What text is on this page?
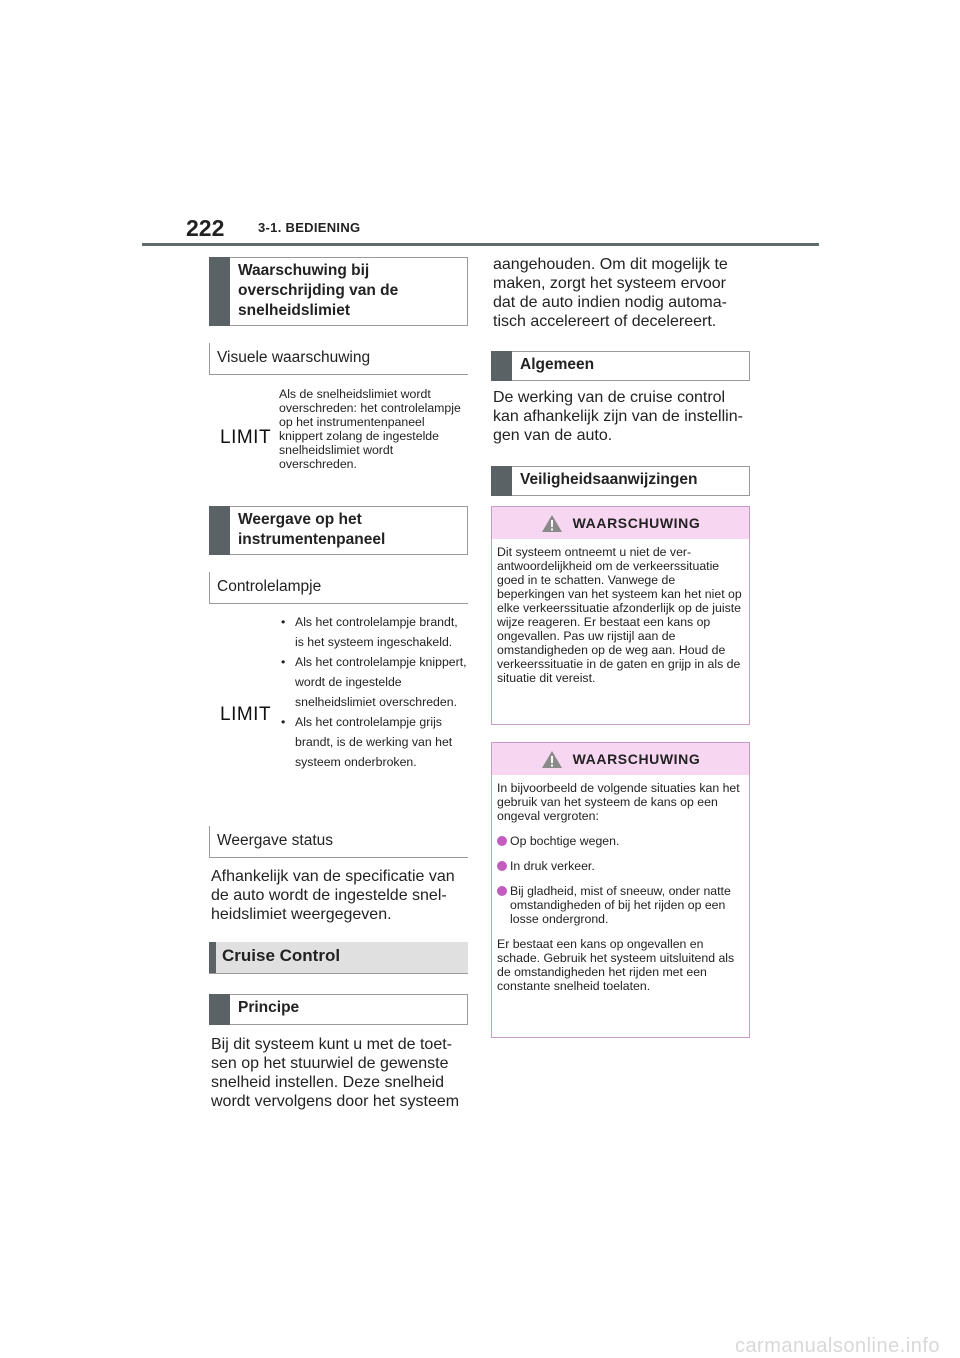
222	3-1. BEDIENING
Waarschuwing bij overschrijding van de snelheidslimiet
Visuele waarschuwing
LIMIT
Als de snelheidslimiet wordt overschreden: het controlelampje op het instrumentenpaneel knippert zolang de ingestelde snelheidslimiet wordt overschreden.
Weergave op het instrumentenpaneel
Controlelampje
LIMIT
• Als het controlelampje brandt, is het systeem ingeschakeld.
• Als het controlelampje knippert, wordt de ingestelde snelheidslimiet overschreden.
• Als het controlelampje grijs brandt, is de werking van het systeem onderbroken.
Weergave status
Afhankelijk van de specificatie van de auto wordt de ingestelde snelheidslimiet weergegeven.
Cruise Control
Principe
Bij dit systeem kunt u met de toetsen op het stuurwiel de gewenste snelheid instellen. Deze snelheid wordt vervolgens door het systeem
aangehouden. Om dit mogelijk te maken, zorgt het systeem ervoor dat de auto indien nodig automatisch accelereert of decelereert.
Algemeen
De werking van de cruise control kan afhankelijk zijn van de instellingen van de auto.
Veiligheidsaanwijzingen
WAARSCHUWING
Dit systeem ontneemt u niet de verantwoordelijkheid om de verkeerssituatie goed in te schatten. Vanwege de beperkingen van het systeem kan het niet op elke verkeerssituatie afzonderlijk op de juiste wijze reageren. Er bestaat een kans op ongevallen. Pas uw rijstijl aan de omstandigheden op de weg aan. Houd de verkeerssituatie in de gaten en grijp in als de situatie dit vereist.
WAARSCHUWING

In bijvoorbeeld de volgende situaties kan het gebruik van het systeem de kans op een ongeval vergroten:

Op bochtige wegen.
In druk verkeer.
Bij gladheid, mist of sneeuw, onder natte omstandigheden of bij het rijden op een losse ondergrond.

Er bestaat een kans op ongevallen en schade. Gebruik het systeem uitsluitend als de omstandigheden het rijden met een constante snelheid toelaten.

carmanualsonline.info
